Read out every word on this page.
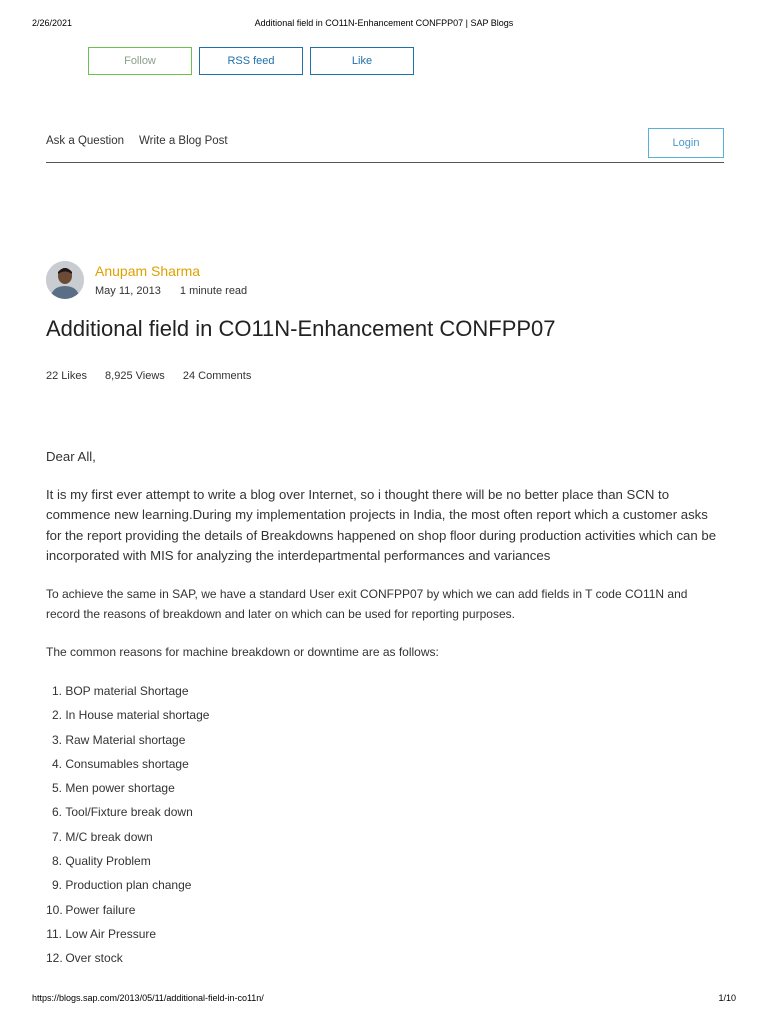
2/26/2021	Additional field in CO11N-Enhancement CONFPP07 | SAP Blogs
Follow	RSS feed	Like
Ask a Question Write a Blog Post	Login
Anupam Sharma
May 11, 2013 1 minute read
Additional field in CO11N-Enhancement CONFPP07
22 Likes 8,925 Views 24 Comments

Dear All,

It is my first ever attempt to write a blog over Internet, so i thought there will be no better place than SCN to commence new learning.During my implementation projects in India, the most often report which a customer asks for the report providing the details of Breakdowns happened on shop floor during production activities which can be incorporated with MIS for analyzing the interdepartmental performances and variances

To achieve the same in SAP, we have a standard User exit CONFPP07 by which we can add fields in T code CO11N and record the reasons of breakdown and later on which can be used for reporting purposes.

The common reasons for machine breakdown or downtime are as follows:

1.
BOP material Shortage
2.
In House material shortage
3.
Raw Material shortage
4.
Consumables shortage
5.
Men power shortage
6.
Tool/Fixture break down
7.
M/C break down
8.
Quality Problem
9.
Production plan change
10.
Power failure
11.
Low Air Pressure
12.
Over stock
https://blogs.sap.com/2013/05/11/additional-field-in-co11n/	1/10
